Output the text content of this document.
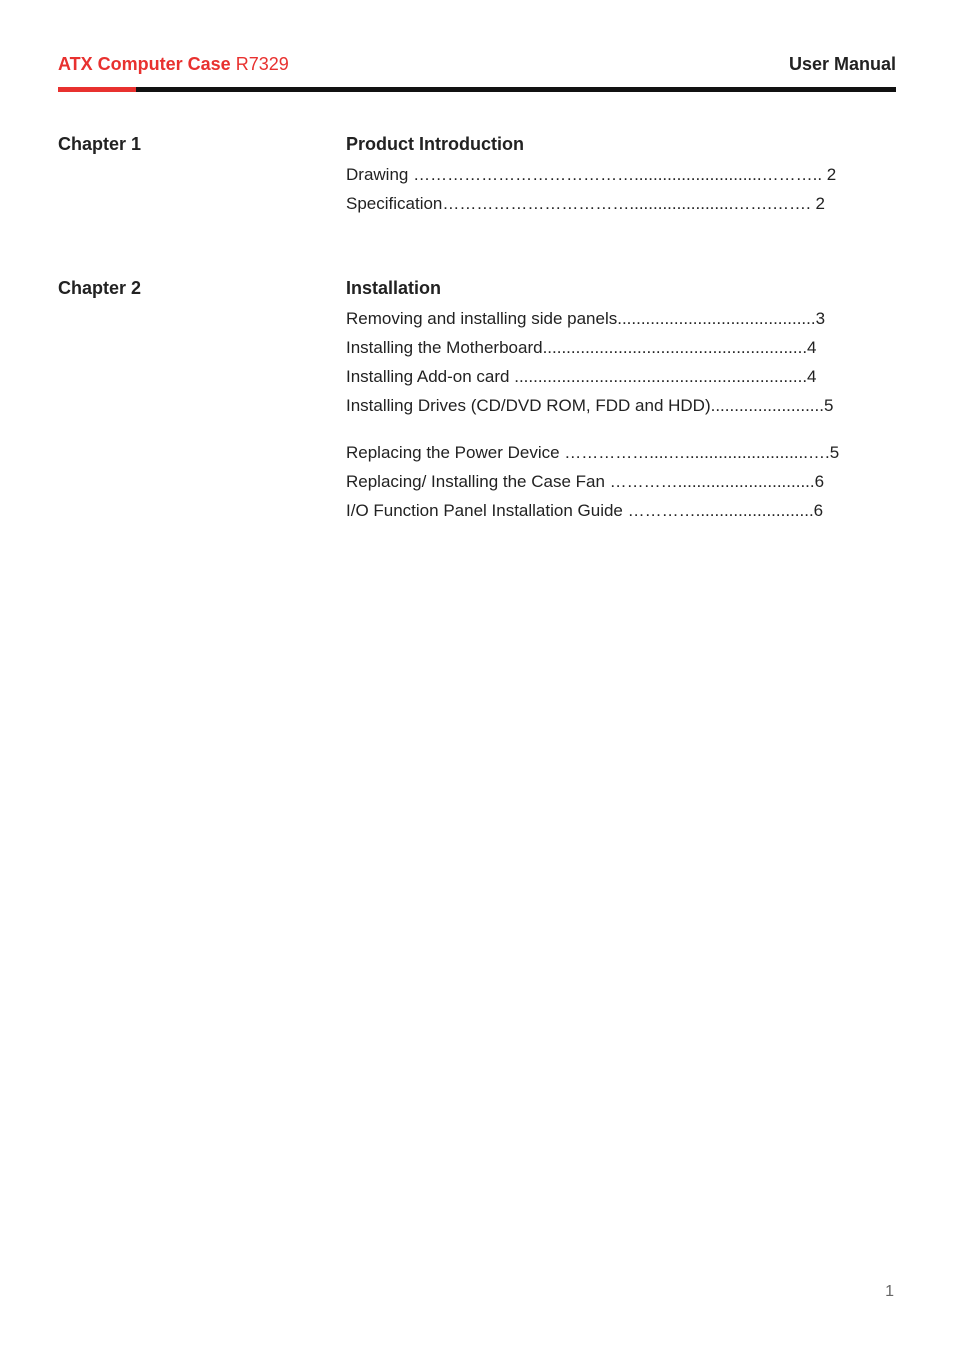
ATX Computer Case R7329	User Manual
Chapter 1	Product Introduction
Drawing …………………………………...........................……….. 2
Specification……………………………......................…….……. 2
Chapter 2	Installation
Removing and installing side panels..........................................3
Installing the Motherboard........................................................4
Installing Add-on card ..............................................................4
Installing Drives (CD/DVD ROM, FDD and HDD)........................5
Replacing the Power Device ……………....…..........................….5
Replacing/ Installing the Case Fan ………….............................6
I/O Function Panel Installation Guide ………….........................6
1
